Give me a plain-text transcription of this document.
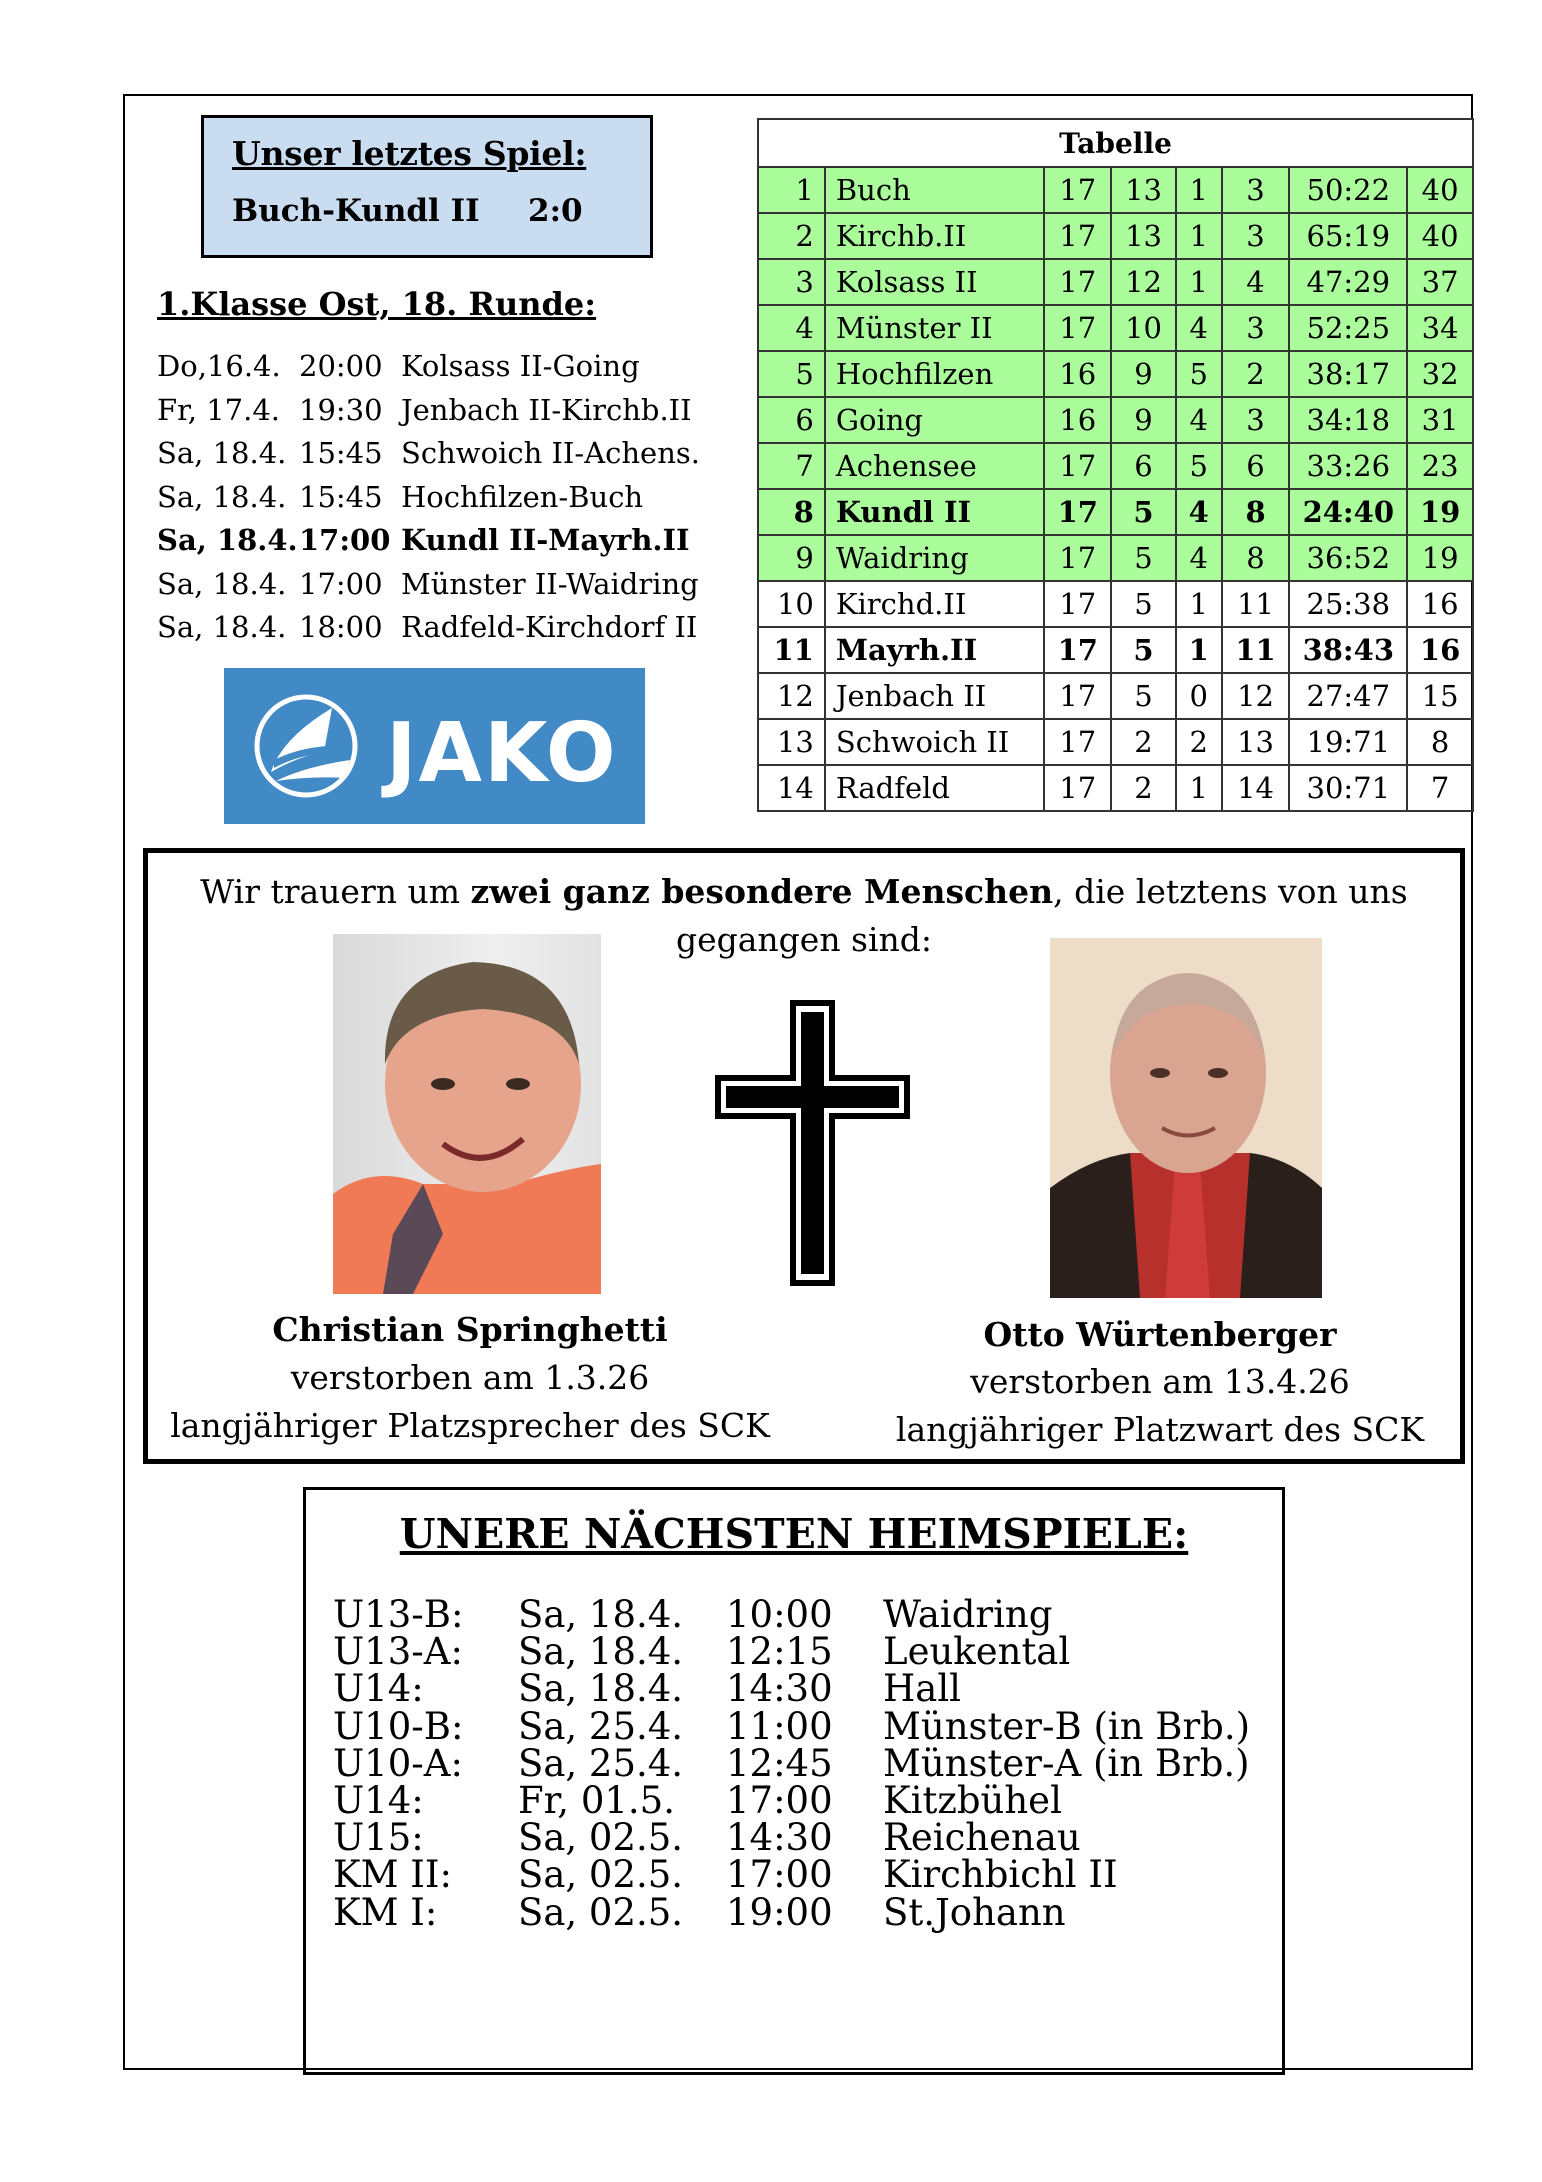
Unser letztes Spiel:
Buch-Kundl II 2:0
1.Klasse Ost, 18. Runde:
Do,16.4. 20:00 Kolsass II-Going
Fr, 17.4. 19:30 Jenbach II-Kirchb.II
Sa, 18.4. 15:45 Schwoich II-Achens.
Sa, 18.4. 15:45 Hochfilzen-Buch
Sa, 18.4. 17:00 Kundl II-Mayrh.II
Sa, 18.4. 17:00 Münster II-Waidring
Sa, 18.4. 18:00 Radfeld-Kirchdorf II
JAKO
Tabelle							
1	Buch	17	13	1	3	50:22	40
2	Kirchb.II	17	13	1	3	65:19	40
3	Kolsass II	17	12	1	4	47:29	37
4	Münster II	17	10	4	3	52:25	34
5	Hochfilzen	16	9	5	2	38:17	32
6	Going	16	9	4	3	34:18	31
7	Achensee	17	6	5	6	33:26	23
8	Kundl II	17	5	4	8	24:40	19
9	Waidring	17	5	4	8	36:52	19
10	Kirchd.II	17	5	1	11	25:38	16
11	Mayrh.II	17	5	1	11	38:43	16
12	Jenbach II	17	5	0	12	27:47	15
13	Schwoich II	17	2	2	13	19:71	8
14	Radfeld	17	2	1	14	30:71	7
Wir trauern um zwei ganz besondere Menschen, die letztens von uns
gegangen sind:
Christian Springhetti
verstorben am 1.3.26
langjähriger Platzsprecher des SCK
Otto Würtenberger
verstorben am 13.4.26
langjähriger Platzwart des SCK
UNERE NÄCHSTEN HEIMSPIELE:
U13-B: Sa, 18.4. 10:00 Waidring
U13-A: Sa, 18.4. 12:15 Leukental
U14:	Sa, 18.4. 14:30 Hall
U10-B: Sa, 25.4. 11:00 Münster-B (in Brb.)
U10-A: Sa, 25.4. 12:45 Münster-A (in Brb.)
U14:	Fr, 01.5. 17:00 Kitzbühel
U15:	Sa, 02.5. 14:30 Reichenau
KM II: Sa, 02.5. 17:00 Kirchbichl II
KM I: Sa, 02.5. 19:00 St.Johann
